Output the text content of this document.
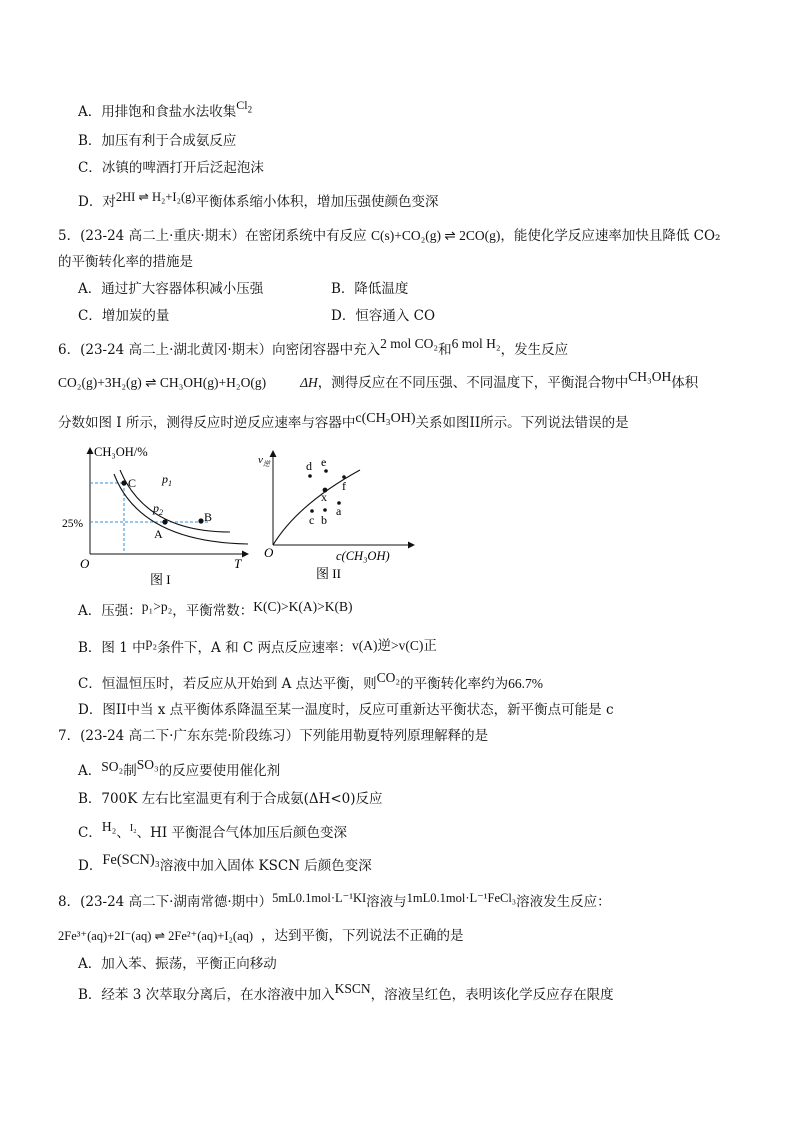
A．用排饱和食盐水法收集$Cl_2$
B．加压有利于合成氨反应
C．冰镇的啤酒打开后泛起泡沫
D．对2HI ⇌ H₂+I₂(g)平衡体系缩小体积，增加压强使颜色变深
5．(23-24 高二上·重庆·期末）在密闭系统中有反应 C(s)+CO₂(g) ⇌ 2CO(g)，能使化学反应速率加快且降低 CO₂
的平衡转化率的措施是
A．通过扩大容器体积减小压强	B．降低温度
C．增加炭的量	D．恒容通入 CO
6．(23-24 高二上·湖北黄冈·期末）向密闭容器中充入2 mol CO₂和6 mol H₂，发生反应
CO₂(g)+3H₂(g) ⇌ CH₃OH(g)+H₂O(g)	ΔH，测得反应在不同压强、不同温度下，平衡混合物中CH₃OH体积
分数如图 I 所示，测得反应时逆反应速率与容器中c(CH₃OH)关系如图II所示。下列说法错误的是
CH₃OH/%
O	T
25%
C
B
A
$p_1$
$p_2$
图 I
$v_逆$
O	c(CH₃OH)
d e
f
x
a
c b
图 II
A．压强：p₁>p₂，平衡常数：K(C)>K(A)>K(B)
B．图 1 中p₂条件下，A 和 C 两点反应速率：v(A)逆>v(C)正
C．恒温恒压时，若反应从开始到 A 点达平衡，则CO₂的平衡转化率约为66.7%
D．图II中当 x 点平衡体系降温至某一温度时，反应可重新达平衡状态，新平衡点可能是 c
7．(23-24 高二下·广东东莞·阶段练习）下列能用勒夏特列原理解释的是
A．SO₂制SO₃的反应要使用催化剂
B．700K 左右比室温更有利于合成氨(ΔH<0)反应
C．H₂、$^{I_2}$、HI 平衡混合气体加压后颜色变深
D．Fe(SCN)₃溶液中加入固体 KSCN 后颜色变深
8．(23-24 高二下·湖南常德·期中）5mL0.1mol·L⁻¹KI溶液与1mL0.1mol·L⁻¹FeCl₃溶液发生反应：
2Fe³⁺(aq)+2I⁻(aq) ⇌ 2Fe²⁺(aq)+I₂(aq) ，达到平衡，下列说法不正确的是
A．加入苯、振荡，平衡正向移动
B．经苯 3 次萃取分离后，在水溶液中加入KSCN，溶液呈红色，表明该化学反应存在限度
